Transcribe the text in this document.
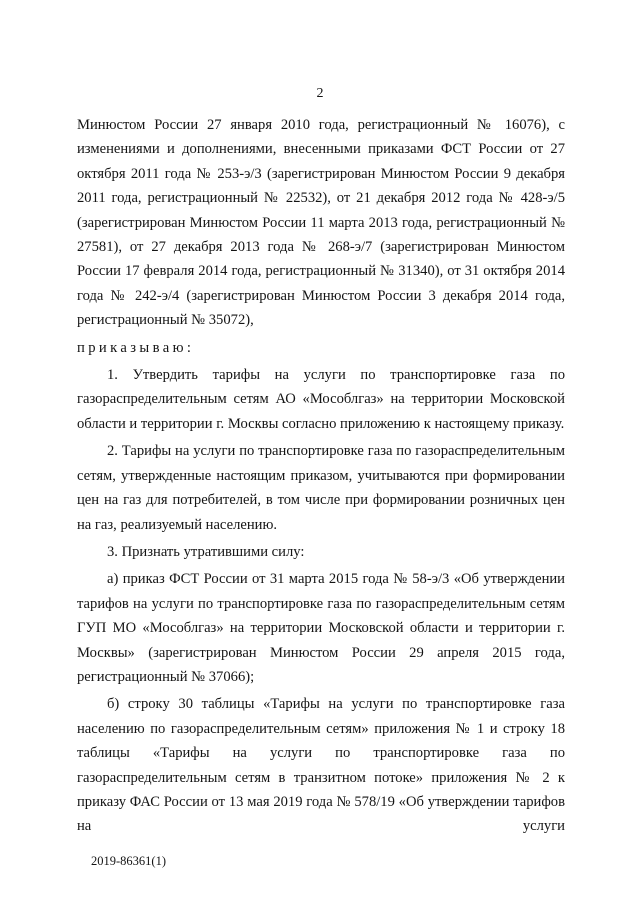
2

Минюстом России 27 января 2010 года, регистрационный № 16076), с изменениями и дополнениями, внесенными приказами ФСТ России от 27 октября 2011 года № 253-э/3 (зарегистрирован Минюстом России 9 декабря 2011 года, регистрационный № 22532), от 21 декабря 2012 года № 428-э/5 (зарегистрирован Минюстом России 11 марта 2013 года, регистрационный № 27581), от 27 декабря 2013 года № 268-э/7 (зарегистрирован Минюстом России 17 февраля 2014 года, регистрационный № 31340), от 31 октября 2014 года № 242-э/4 (зарегистрирован Минюстом России 3 декабря 2014 года, регистрационный № 35072),

приказываю:

1. Утвердить тарифы на услуги по транспортировке газа по газораспределительным сетям АО «Мособлгаз» на территории Московской области и территории г. Москвы согласно приложению к настоящему приказу.

2. Тарифы на услуги по транспортировке газа по газораспределительным сетям, утвержденные настоящим приказом, учитываются при формировании цен на газ для потребителей, в том числе при формировании розничных цен на газ, реализуемый населению.

3. Признать утратившими силу:

а) приказ ФСТ России от 31 марта 2015 года № 58-э/3 «Об утверждении тарифов на услуги по транспортировке газа по газораспределительным сетям ГУП МО «Мособлгаз» на территории Московской области и территории г. Москвы» (зарегистрирован Минюстом России 29 апреля 2015 года, регистрационный № 37066);

б) строку 30 таблицы «Тарифы на услуги по транспортировке газа населению по газораспределительным сетям» приложения № 1 и строку 18 таблицы «Тарифы на услуги по транспортировке газа по газораспределительным сетям в транзитном потоке» приложения № 2 к приказу ФАС России от 13 мая 2019 года № 578/19 «Об утверждении тарифов на услуги

2019-86361(1)
